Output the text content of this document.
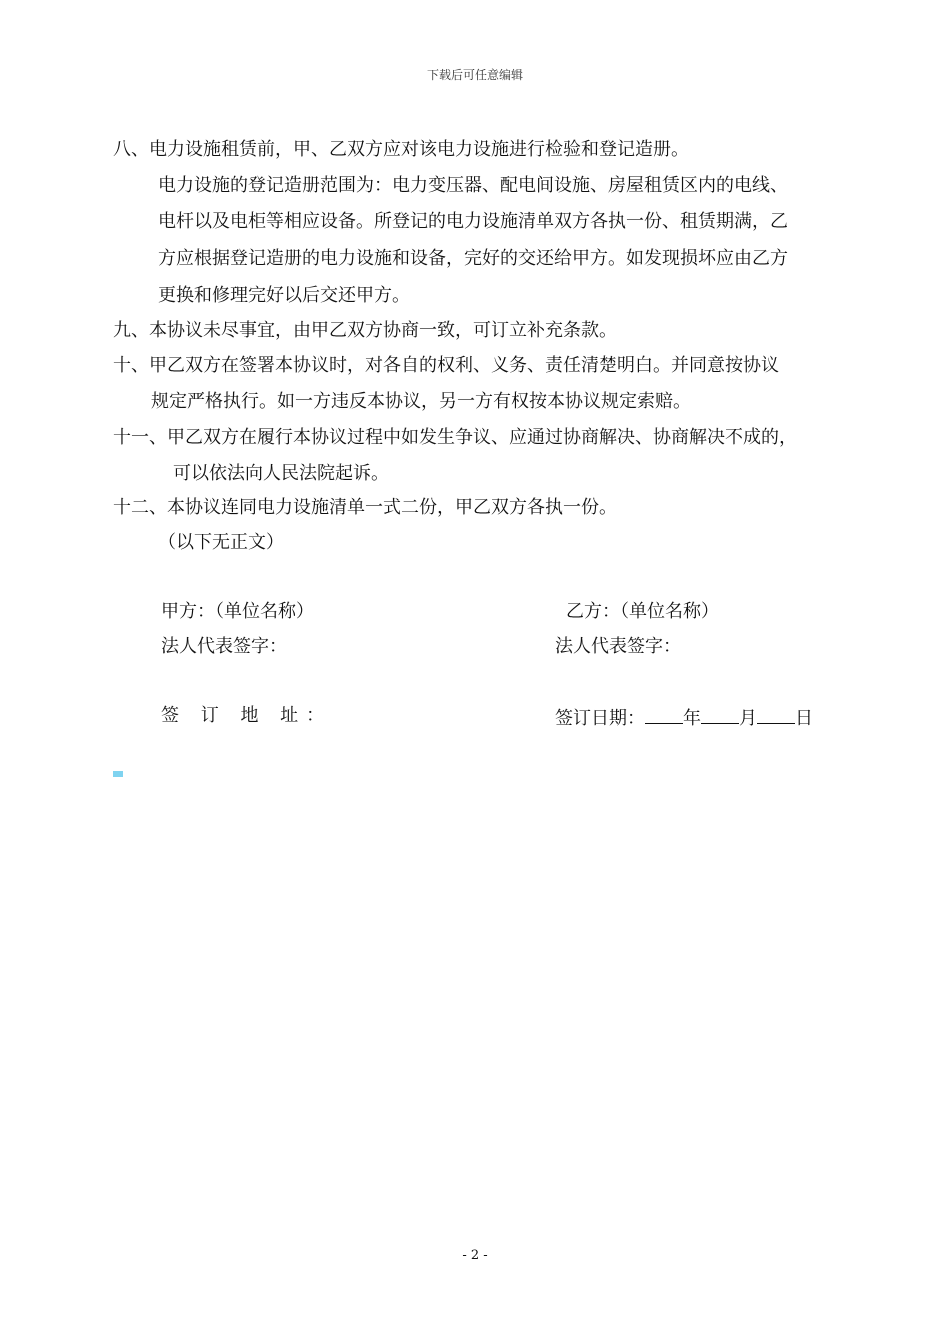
下载后可任意编辑
八、电力设施租赁前，甲、乙双方应对该电力设施进行检验和登记造册。
电力设施的登记造册范围为：电力变压器、配电间设施、房屋租赁区内的电线、
电杆以及电柜等相应设备。所登记的电力设施清单双方各执一份、租赁期满，乙
方应根据登记造册的电力设施和设备，完好的交还给甲方。如发现损坏应由乙方
更换和修理完好以后交还甲方。
九、本协议未尽事宜，由甲乙双方协商一致，可订立补充条款。
十、甲乙双方在签署本协议时，对各自的权利、义务、责任清楚明白。并同意按协议
规定严格执行。如一方违反本协议，另一方有权按本协议规定索赔。
十一、甲乙双方在履行本协议过程中如发生争议、应通过协商解决、协商解决不成的，
可以依法向人民法院起诉。
十二、本协议连同电力设施清单一式二份，甲乙双方各执一份。
（以下无正文）
甲方：（单位名称）	乙方：（单位名称）
法人代表签字：	法人代表签字：
签 订 地 址：	签订日期： 年 月 日
- 2 -
